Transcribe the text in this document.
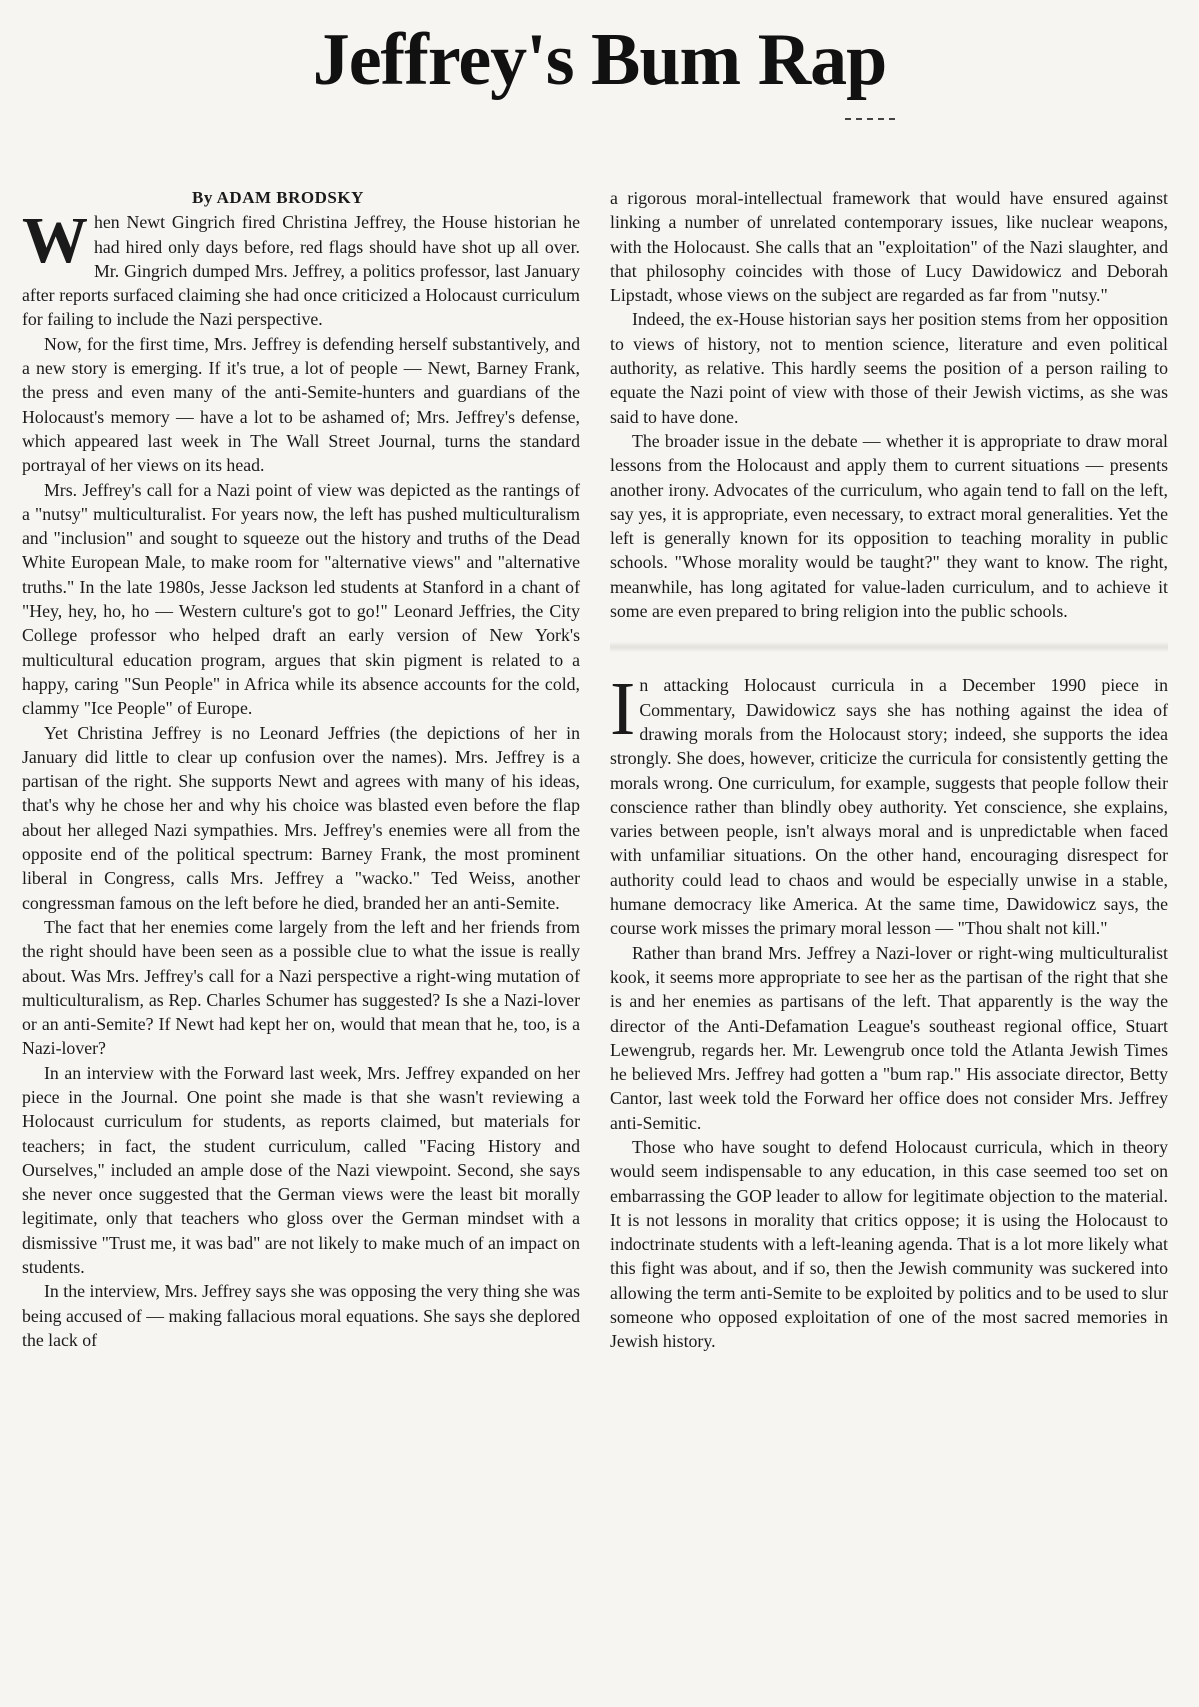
Jeffrey's Bum Rap
By ADAM BRODSKY

When Newt Gingrich fired Christina Jeffrey, the House historian he had hired only days before, red flags should have shot up all over. Mr. Gingrich dumped Mrs. Jeffrey, a politics professor, last January after reports surfaced claiming she had once criticized a Holocaust curriculum for failing to include the Nazi perspective.

Now, for the first time, Mrs. Jeffrey is defending herself substantively, and a new story is emerging. If it's true, a lot of people — Newt, Barney Frank, the press and even many of the anti-Semite-hunters and guardians of the Holocaust's memory — have a lot to be ashamed of; Mrs. Jeffrey's defense, which appeared last week in The Wall Street Journal, turns the standard portrayal of her views on its head.

Mrs. Jeffrey's call for a Nazi point of view was depicted as the rantings of a "nutsy" multiculturalist. For years now, the left has pushed multiculturalism and "inclusion" and sought to squeeze out the history and truths of the Dead White European Male, to make room for "alternative views" and "alternative truths." In the late 1980s, Jesse Jackson led students at Stanford in a chant of "Hey, hey, ho, ho — Western culture's got to go!" Leonard Jeffries, the City College professor who helped draft an early version of New York's multicultural education program, argues that skin pigment is related to a happy, caring "Sun People" in Africa while its absence accounts for the cold, clammy "Ice People" of Europe.

Yet Christina Jeffrey is no Leonard Jeffries (the depictions of her in January did little to clear up confusion over the names). Mrs. Jeffrey is a partisan of the right. She supports Newt and agrees with many of his ideas, that's why he chose her and why his choice was blasted even before the flap about her alleged Nazi sympathies. Mrs. Jeffrey's enemies were all from the opposite end of the political spectrum: Barney Frank, the most prominent liberal in Congress, calls Mrs. Jeffrey a "wacko." Ted Weiss, another congressman famous on the left before he died, branded her an anti-Semite.

The fact that her enemies come largely from the left and her friends from the right should have been seen as a possible clue to what the issue is really about. Was Mrs. Jeffrey's call for a Nazi perspective a right-wing mutation of multiculturalism, as Rep. Charles Schumer has suggested? Is she a Nazi-lover or an anti-Semite? If Newt had kept her on, would that mean that he, too, is a Nazi-lover?

In an interview with the Forward last week, Mrs. Jeffrey expanded on her piece in the Journal. One point she made is that she wasn't reviewing a Holocaust curriculum for students, as reports claimed, but materials for teachers; in fact, the student curriculum, called "Facing History and Ourselves," included an ample dose of the Nazi viewpoint. Second, she says she never once suggested that the German views were the least bit morally legitimate, only that teachers who gloss over the German mindset with a dismissive "Trust me, it was bad" are not likely to make much of an impact on students.

In the interview, Mrs. Jeffrey says she was opposing the very thing she was being accused of — making fallacious moral equations. She says she deplored the lack of

a rigorous moral-intellectual framework that would have ensured against linking a number of unrelated contemporary issues, like nuclear weapons, with the Holocaust. She calls that an "exploitation" of the Nazi slaughter, and that philosophy coincides with those of Lucy Dawidowicz and Deborah Lipstadt, whose views on the subject are regarded as far from "nutsy."

Indeed, the ex-House historian says her position stems from her opposition to views of history, not to mention science, literature and even political authority, as relative. This hardly seems the position of a person railing to equate the Nazi point of view with those of their Jewish victims, as she was said to have done.

The broader issue in the debate — whether it is appropriate to draw moral lessons from the Holocaust and apply them to current situations — presents another irony. Advocates of the curriculum, who again tend to fall on the left, say yes, it is appropriate, even necessary, to extract moral generalities. Yet the left is generally known for its opposition to teaching morality in public schools. "Whose morality would be taught?" they want to know. The right, meanwhile, has long agitated for value-laden curriculum, and to achieve it some are even prepared to bring religion into the public schools.

In attacking Holocaust curricula in a December 1990 piece in Commentary, Dawidowicz says she has nothing against the idea of drawing morals from the Holocaust story; indeed, she supports the idea strongly. She does, however, criticize the curricula for consistently getting the morals wrong. One curriculum, for example, suggests that people follow their conscience rather than blindly obey authority. Yet conscience, she explains, varies between people, isn't always moral and is unpredictable when faced with unfamiliar situations. On the other hand, encouraging disrespect for authority could lead to chaos and would be especially unwise in a stable, humane democracy like America. At the same time, Dawidowicz says, the course work misses the primary moral lesson — "Thou shalt not kill."

Rather than brand Mrs. Jeffrey a Nazi-lover or right-wing multiculturalist kook, it seems more appropriate to see her as the partisan of the right that she is and her enemies as partisans of the left. That apparently is the way the director of the Anti-Defamation League's southeast regional office, Stuart Lewengrub, regards her. Mr. Lewengrub once told the Atlanta Jewish Times he believed Mrs. Jeffrey had gotten a "bum rap." His associate director, Betty Cantor, last week told the Forward her office does not consider Mrs. Jeffrey anti-Semitic.

Those who have sought to defend Holocaust curricula, which in theory would seem indispensable to any education, in this case seemed too set on embarrassing the GOP leader to allow for legitimate objection to the material. It is not lessons in morality that critics oppose; it is using the Holocaust to indoctrinate students with a left-leaning agenda. That is a lot more likely what this fight was about, and if so, then the Jewish community was suckered into allowing the term anti-Semite to be exploited by politics and to be used to slur someone who opposed exploitation of one of the most sacred memories in Jewish history.
